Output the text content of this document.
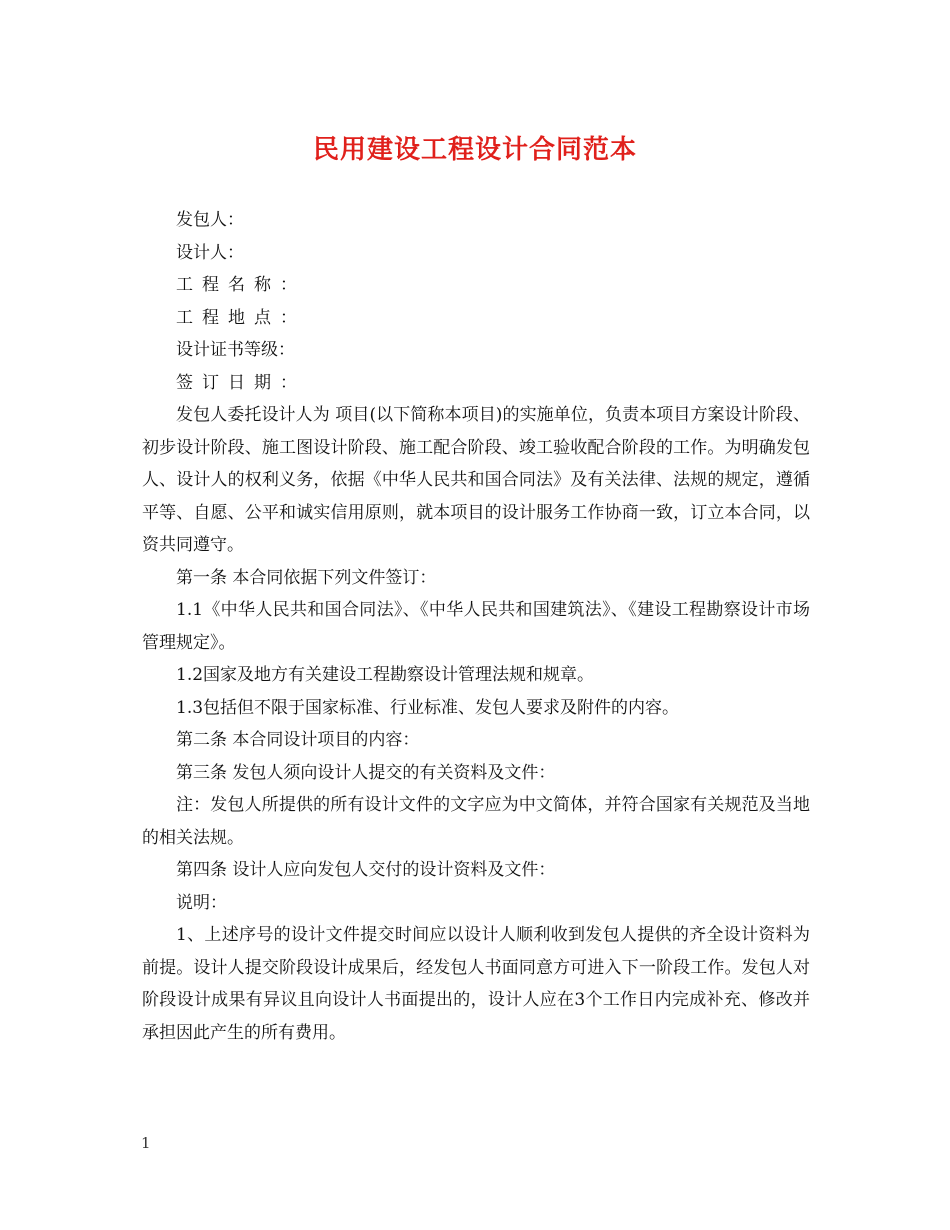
民用建设工程设计合同范本

发包人：

设计人：

工程名称：

工程地点：

设计证书等级：

签订日期：

发包人委托设计人为 项目(以下简称本项目)的实施单位，负责本项目方案设计阶段、初步设计阶段、施工图设计阶段、施工配合阶段、竣工验收配合阶段的工作。为明确发包人、设计人的权利义务，依据《中华人民共和国合同法》及有关法律、法规的规定，遵循平等、自愿、公平和诚实信用原则，就本项目的设计服务工作协商一致，订立本合同，以资共同遵守。

第一条 本合同依据下列文件签订：

1.1《中华人民共和国合同法》、《中华人民共和国建筑法》、《建设工程勘察设计市场管理规定》。

1.2国家及地方有关建设工程勘察设计管理法规和规章。

1.3包括但不限于国家标准、行业标准、发包人要求及附件的内容。

第二条 本合同设计项目的内容：

第三条 发包人须向设计人提交的有关资料及文件：

注：发包人所提供的所有设计文件的文字应为中文简体，并符合国家有关规范及当地的相关法规。

第四条 设计人应向发包人交付的设计资料及文件：

说明：

1、上述序号的设计文件提交时间应以设计人顺利收到发包人提供的齐全设计资料为前提。设计人提交阶段设计成果后，经发包人书面同意方可进入下一阶段工作。发包人对阶段设计成果有异议且向设计人书面提出的，设计人应在3个工作日内完成补充、修改并承担因此产生的所有费用。

1
